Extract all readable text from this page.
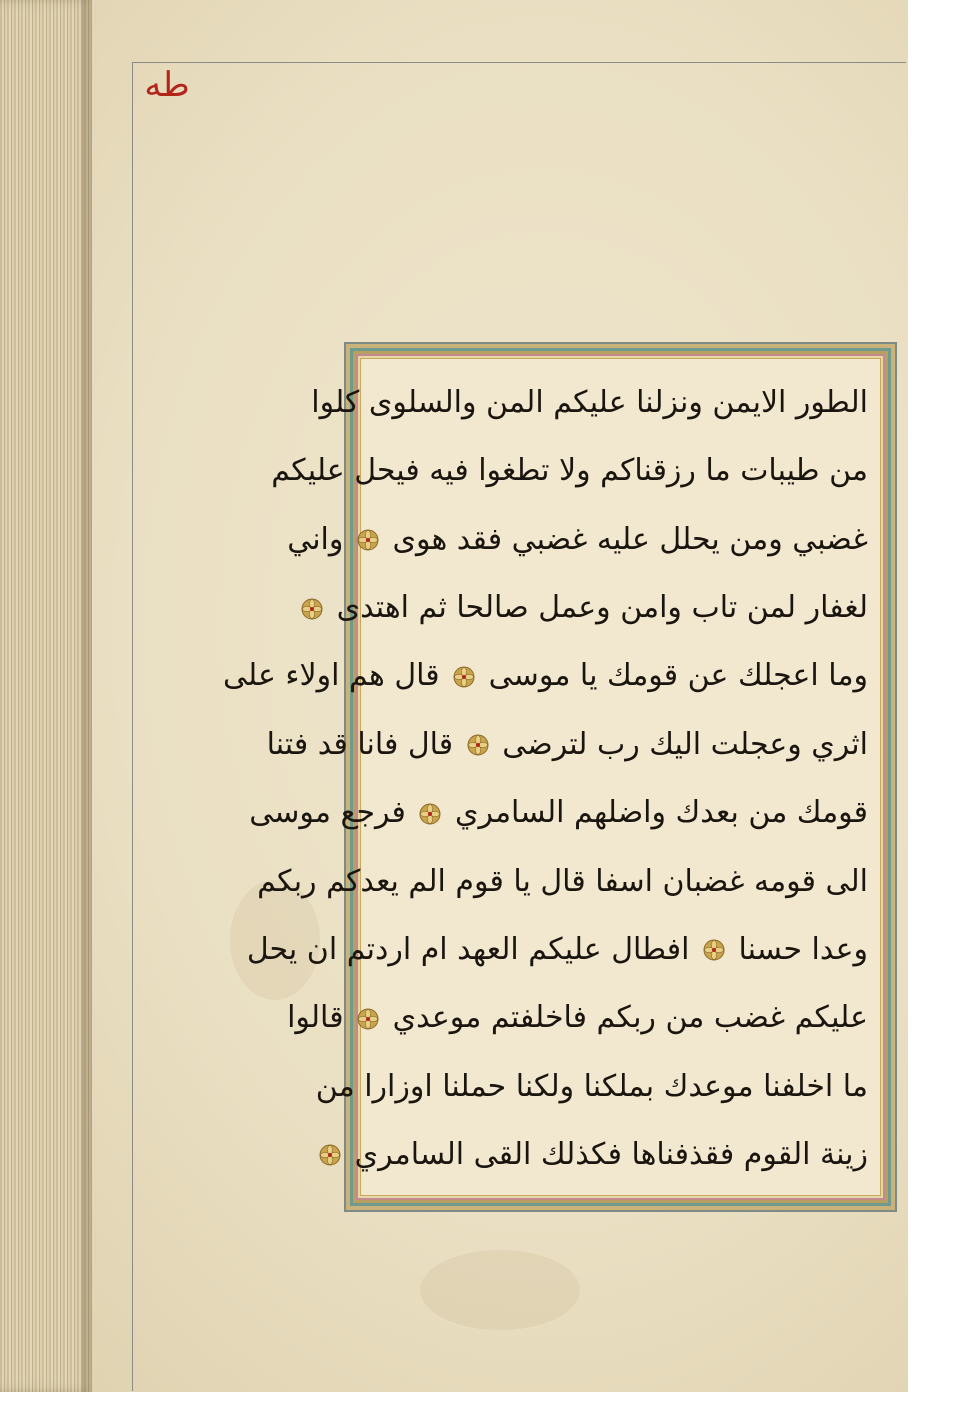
طه
الطور الايمن ونزلنا عليكم المن والسلوى كلوا
من طيبات ما رزقناكم ولا تطغوا فيه فيحل عليكم
غضبي ومن يحلل عليه غضبي فقد هوى
واني
لغفار لمن تاب وامن وعمل صالحا ثم اهتدى
وما اعجلك عن قومك يا موسى
قال هم اولاء على
اثري وعجلت اليك رب لترضى
قال فانا قد فتنا
قومك من بعدك واضلهم السامري
فرجع موسى
الى قومه غضبان اسفا قال يا قوم الم يعدكم ربكم
وعدا حسنا
افطال عليكم العهد ام اردتم ان يحل
عليكم غضب من ربكم فاخلفتم موعدي
قالوا
ما اخلفنا موعدك بملكنا ولكنا حملنا اوزارا من
زينة القوم فقذفناها فكذلك القى السامري
